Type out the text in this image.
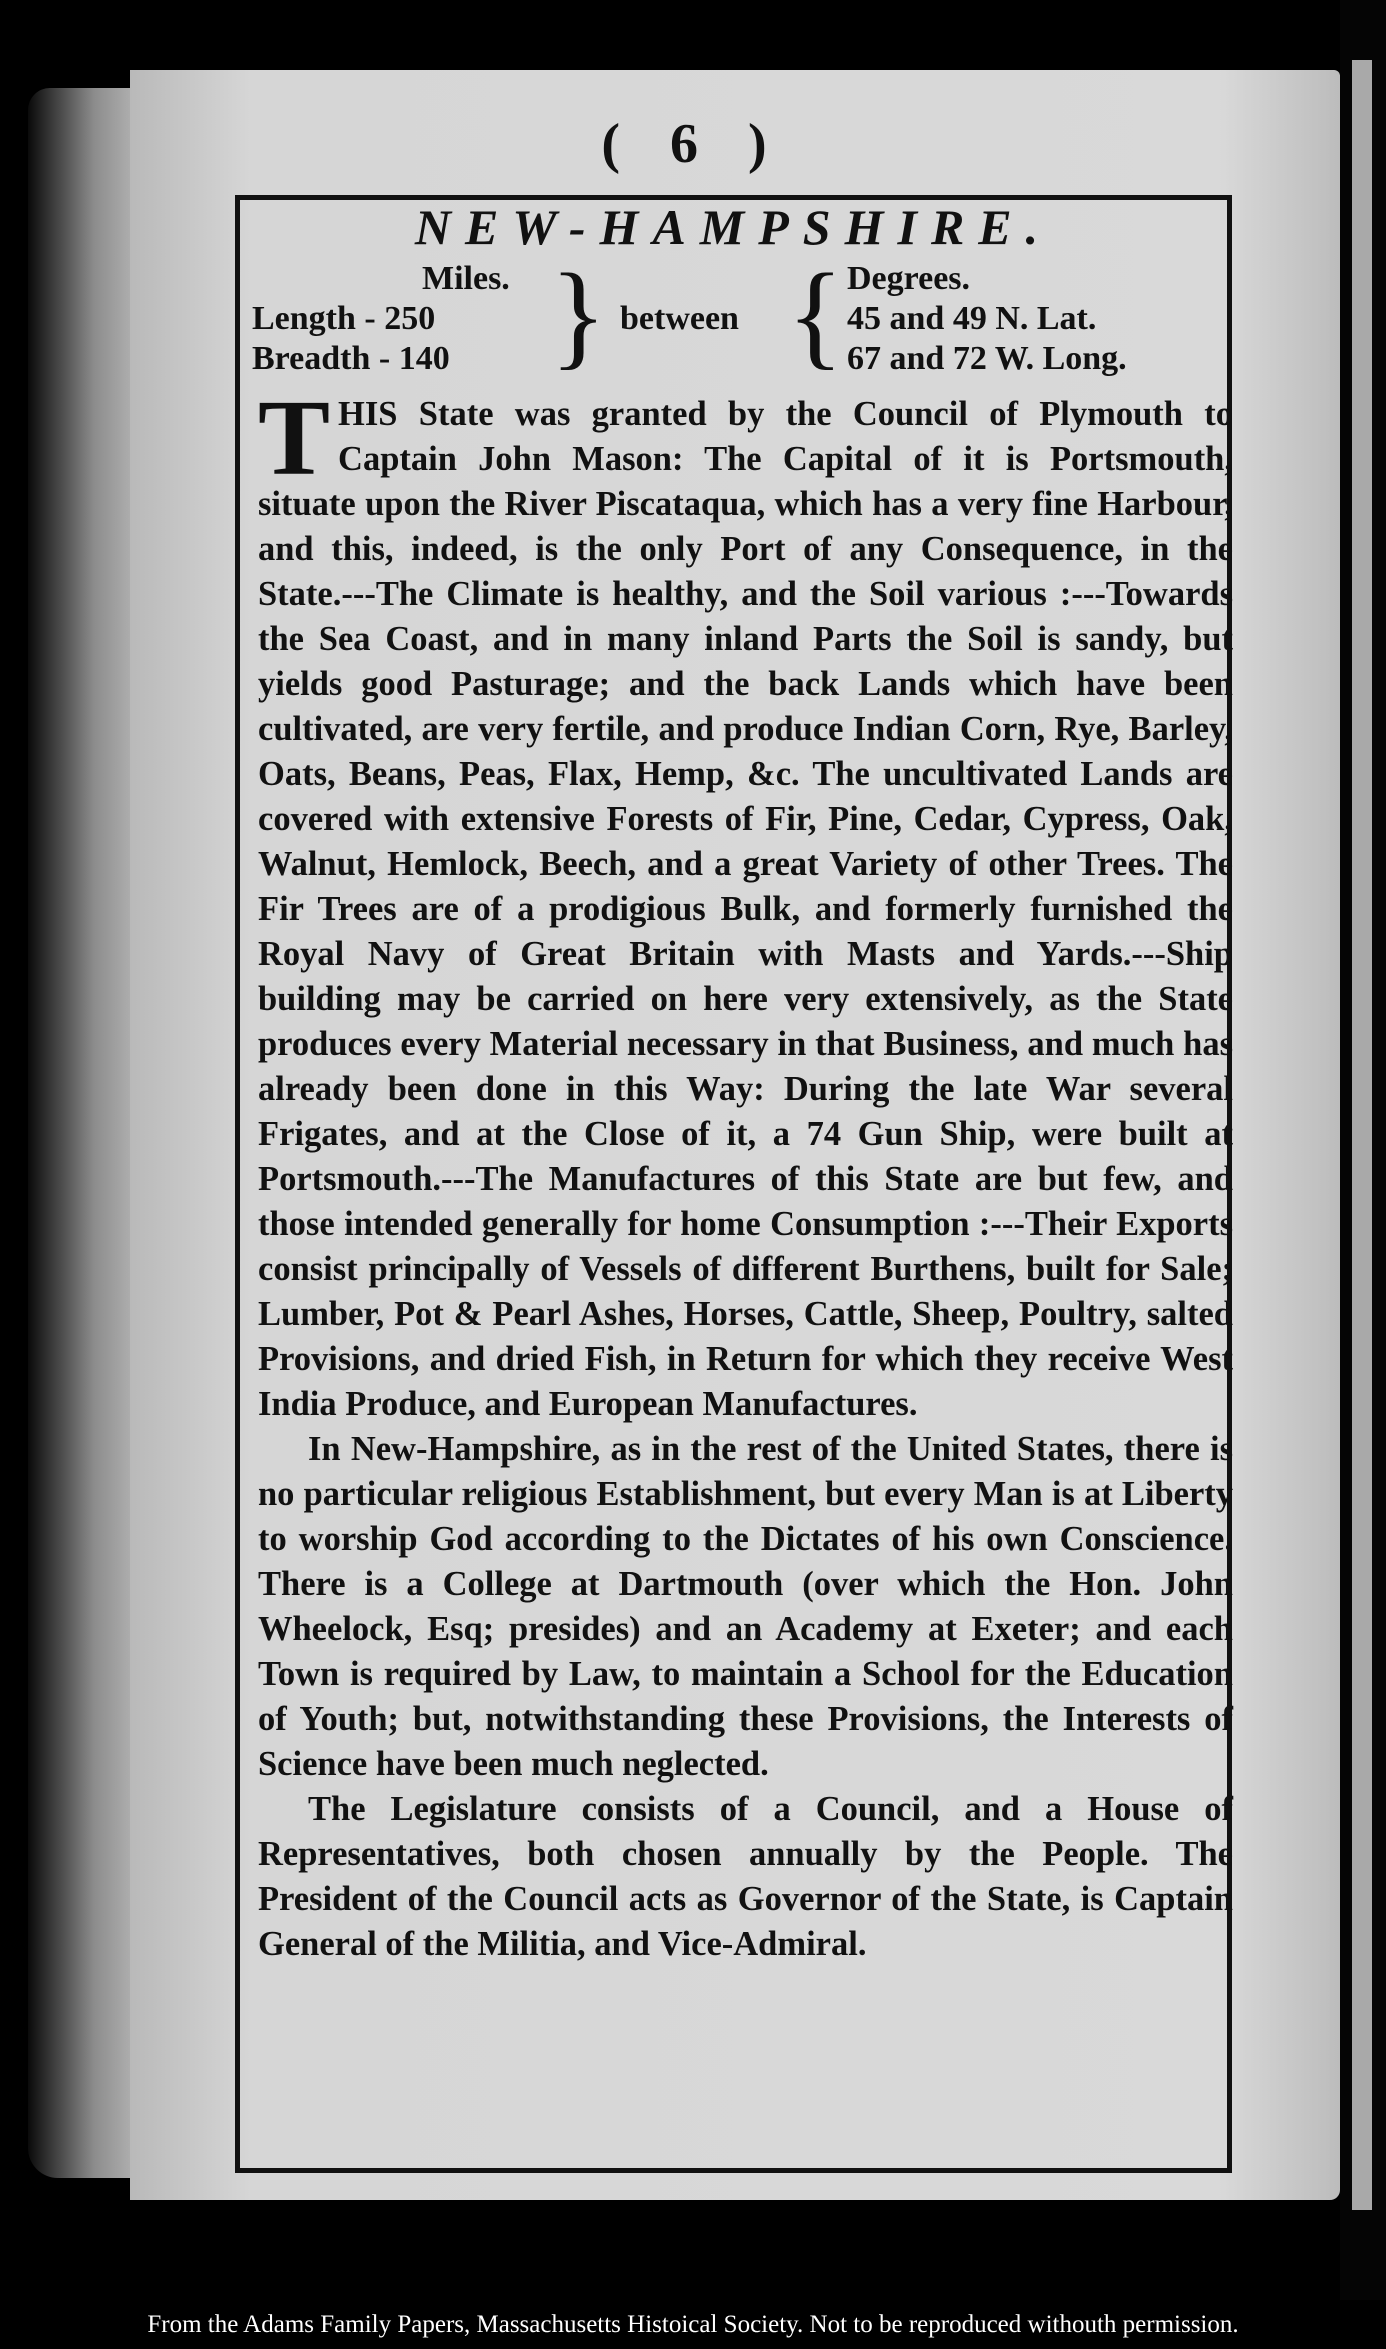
( 6 )
NEW-HAMPSHIRE.
Miles.
Length - 250
Breadth - 140 } between { Degrees.
45 and 49 N. Lat.
67 and 72 W. Long.

THIS State was granted by the Council of Plymouth to Captain John Mason: The Capital of it is Portsmouth, situate upon the River Piscataqua, which has a very fine Harbour, and this, indeed, is the only Port of any Consequence, in the State.---The Climate is healthy, and the Soil various :---Towards the Sea Coast, and in many inland Parts the Soil is sandy, but yields good Pasturage; and the back Lands which have been cultivated, are very fertile, and produce Indian Corn, Rye, Barley, Oats, Beans, Peas, Flax, Hemp, &c. The uncultivated Lands are covered with extensive Forests of Fir, Pine, Cedar, Cypress, Oak, Walnut, Hemlock, Beech, and a great Variety of other Trees. The Fir Trees are of a prodigious Bulk, and formerly furnished the Royal Navy of Great Britain with Masts and Yards.---Ship building may be carried on here very extensively, as the State produces every Material necessary in that Business, and much has already been done in this Way: During the late War several Frigates, and at the Close of it, a 74 Gun Ship, were built at Portsmouth.---The Manufactures of this State are but few, and those intended generally for home Consumption :---Their Exports consist principally of Vessels of different Burthens, built for Sale; Lumber, Pot & Pearl Ashes, Horses, Cattle, Sheep, Poultry, salted Provisions, and dried Fish, in Return for which they receive West India Produce, and European Manufactures.

In New-Hampshire, as in the rest of the United States, there is no particular religious Establishment, but every Man is at Liberty to worship God according to the Dictates of his own Conscience. There is a College at Dartmouth (over which the Hon. John Wheelock, Esq; presides) and an Academy at Exeter; and each Town is required by Law, to maintain a School for the Education of Youth; but, notwithstanding these Provisions, the Interests of Science have been much neglected.

The Legislature consists of a Council, and a House of Representatives, both chosen annually by the People. The President of the Council acts as Governor of the State, is Captain General of the Militia, and Vice-Admiral.

From the Adams Family Papers, Massachusetts Histoical Society. Not to be reproduced withouth permission.
